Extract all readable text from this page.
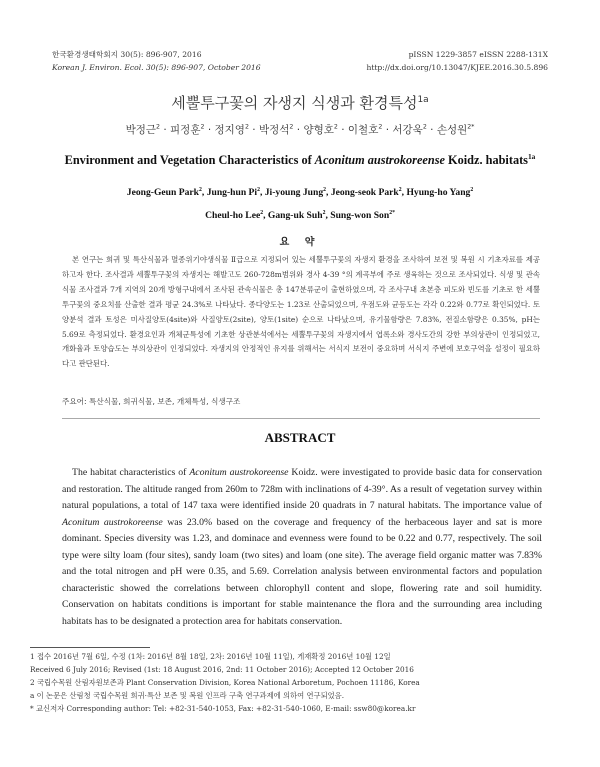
한국환경생태학회지 30(5): 896-907, 2016
Korean J. Environ. Ecol. 30(5): 896-907, October 2016
pISSN 1229-3857 eISSN 2288-131X
http://dx.doi.org/10.13047/KJEE.2016.30.5.896
세뿔투구꽃의 자생지 식생과 환경특성$^{1a}$
박정근$^2$ · 피정훈$^2$ · 정지영$^2$ · 박정석$^2$ · 양형호$^2$ · 이철호$^2$ · 서강욱$^2$ · 손성원$^{2*}$
Environment and Vegetation Characteristics of Aconitum austrokoreense Koidz. habitats$^{1a}$
Jeong-Geun Park$^2$, Jung-hun Pi$^2$, Ji-young Jung$^2$, Jeong-seok Park$^2$, Hyung-ho Yang$^2$
Cheul-ho Lee$^2$, Gang-uk Suh$^2$, Sung-won Son$^{2*}$
요 약
본 연구는 희귀 및 특산식물과 멸종위기야생식물 Ⅱ급으로 지정되어 있는 세뿔투구꽃의 자생지 환경을 조사하여 보전 및 복원 시 기초자료를 제공하고자 한다. 조사결과 세뿔투구꽃의 자생지는 해발고도 260-728m범위와 경사 4-39 °의 계곡부에 주로 생육하는 것으로 조사되었다. 식생 및 관속식물 조사결과 7개 지역의 20개 방형구내에서 조사된 관속식물은 총 147분류군이 출현하였으며, 각 조사구내 초본층 피도와 빈도를 기초로 한 세뿔투구꽃의 중요치를 산출한 결과 평균 24.3%로 나타났다. 종다양도는 1.23로 산출되었으며, 우점도와 균등도는 각각 0.22와 0.77로 확인되었다. 토양분석 결과 토성은 미사질양토(4site)와 사질양토(2site), 양토(1site) 순으로 나타났으며, 유기물함량은 7.83%, 전질소함량은 0.35%, pH는 5.69로 측정되었다. 환경요인과 개체군특성에 기초한 상관분석에서는 세뿔투구꽃의 자생지에서 엽록소와 경사도간의 강한 부의상관이 인정되었고, 개화율과 토양습도는 부의상관이 인정되었다. 자생지의 안정적인 유지를 위해서는 서식지 보전이 중요하며 서식지 주변에 보호구역을 설정이 필요하다고 판단된다.
주요어: 특산식물, 희귀식물, 보존, 개체특성, 식생구조
ABSTRACT
The habitat characteristics of Aconitum austrokoreense Koidz. were investigated to provide basic data for conservation and restoration. The altitude ranged from 260m to 728m with inclinations of 4-39°. As a result of vegetation survey within natural populations, a total of 147 taxa were identified inside 20 quadrats in 7 natural habitats. The importance value of Aconitum austrokoreense was 23.0% based on the coverage and frequency of the herbaceous layer and sat is more dominant. Species diversity was 1.23, and dominace and evenness were found to be 0.22 and 0.77, respectively. The soil type were silty loam (four sites), sandy loam (two sites) and loam (one site). The average field organic matter was 7.83% and the total nitrogen and pH were 0.35, and 5.69. Correlation analysis between environmental factors and population characteristic showed the correlations between chlorophyll content and slope, flowering rate and soil humidity. Conservation on habitats conditions is important for stable maintenance the flora and the surrounding area including habitats has to be designated a protection area for habitats conservation.
1 접수 2016년 7월 6일, 수정 (1차: 2016년 8월 18일, 2차: 2016년 10월 11일), 게재확정 2016년 10월 12일
Received 6 July 2016; Revised (1st: 18 August 2016, 2nd: 11 October 2016); Accepted 12 October 2016
2 국립수목원 산림자원보존과 Plant Conservation Division, Korea National Arboretum, Pochoen 11186, Korea
a 이 논문은 산림청 국립수목원 희귀·특산 보존 및 복원 인프라 구축 연구과제에 의하여 연구되었음.
* 교신저자 Corresponding author: Tel: +82-31-540-1053, Fax: +82-31-540-1060, E-mail: ssw80@korea.kr
